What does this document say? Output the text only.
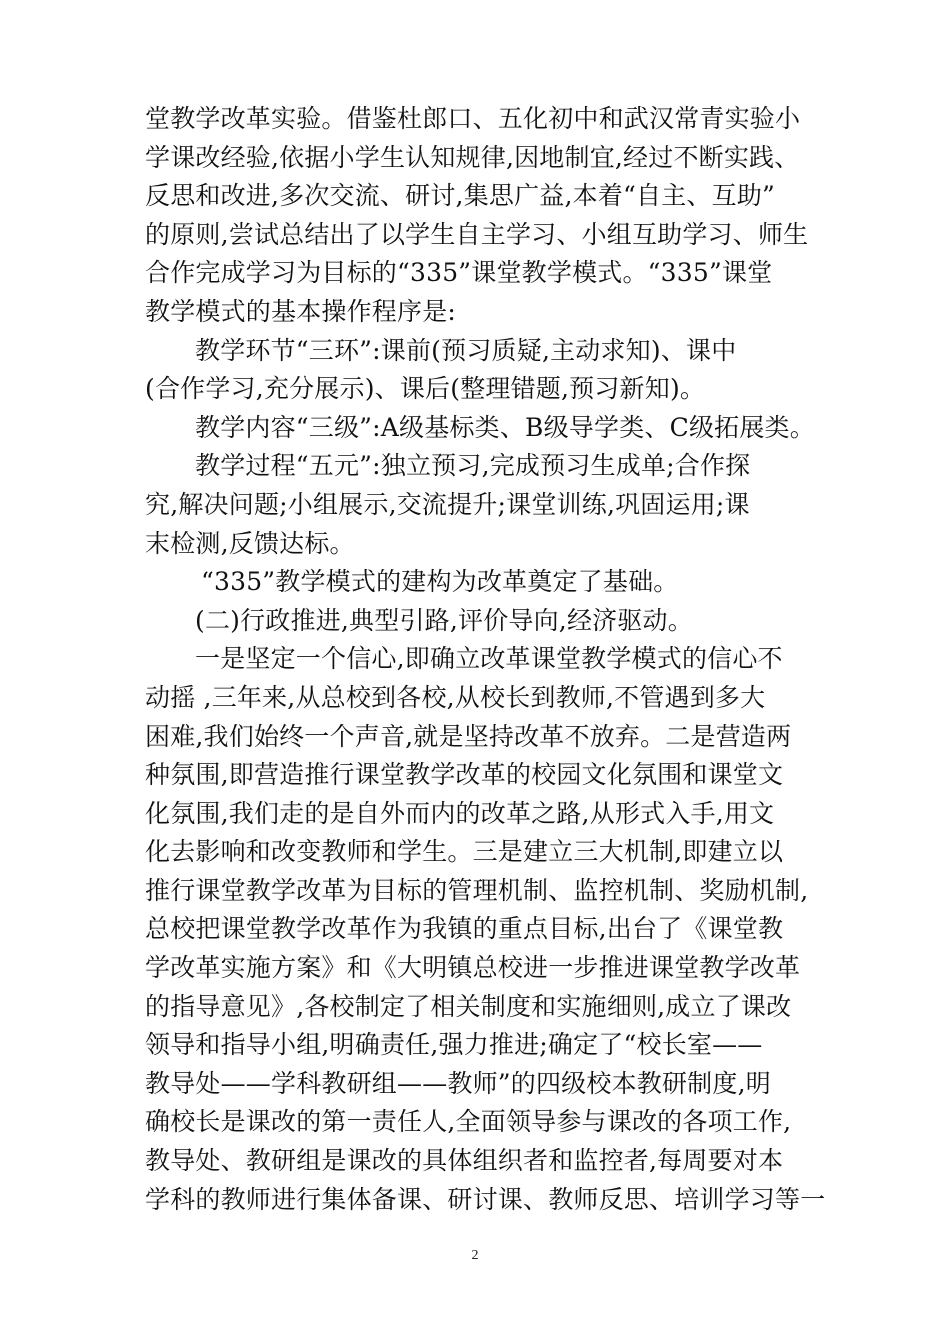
堂教学改革实验。借鉴杜郎口、五化初中和武汉常青实验小
学课改经验,依据小学生认知规律,因地制宜,经过不断实践、
反思和改进,多次交流、研讨,集思广益,本着“自主、互助”
的原则,尝试总结出了以学生自主学习、小组互助学习、师生
合作完成学习为目标的“335”课堂教学模式。“335”课堂
教学模式的基本操作程序是:
教学环节“三环”:课前(预习质疑,主动求知)、课中
(合作学习,充分展示)、课后(整理错题,预习新知)。
教学内容“三级”:A级基标类、B级导学类、C级拓展类。
教学过程“五元”:独立预习,完成预习生成单;合作探
究,解决问题;小组展示,交流提升;课堂训练,巩固运用;课
末检测,反馈达标。
“335”教学模式的建构为改革奠定了基础。
(二)行政推进,典型引路,评价导向,经济驱动。
一是坚定一个信心,即确立改革课堂教学模式的信心不
动摇 ,三年来,从总校到各校,从校长到教师,不管遇到多大
困难,我们始终一个声音,就是坚持改革不放弃。二是营造两
种氛围,即营造推行课堂教学改革的校园文化氛围和课堂文
化氛围,我们走的是自外而内的改革之路,从形式入手,用文
化去影响和改变教师和学生。三是建立三大机制,即建立以
推行课堂教学改革为目标的管理机制、监控机制、奖励机制,
总校把课堂教学改革作为我镇的重点目标,出台了《课堂教
学改革实施方案》和《大明镇总校进一步推进课堂教学改革
的指导意见》,各校制定了相关制度和实施细则,成立了课改
领导和指导小组,明确责任,强力推进;确定了“校长室——
教导处——学科教研组——教师”的四级校本教研制度,明
确校长是课改的第一责任人,全面领导参与课改的各项工作,
教导处、教研组是课改的具体组织者和监控者,每周要对本
学科的教师进行集体备课、研讨课、教师反思、培训学习等一
2
